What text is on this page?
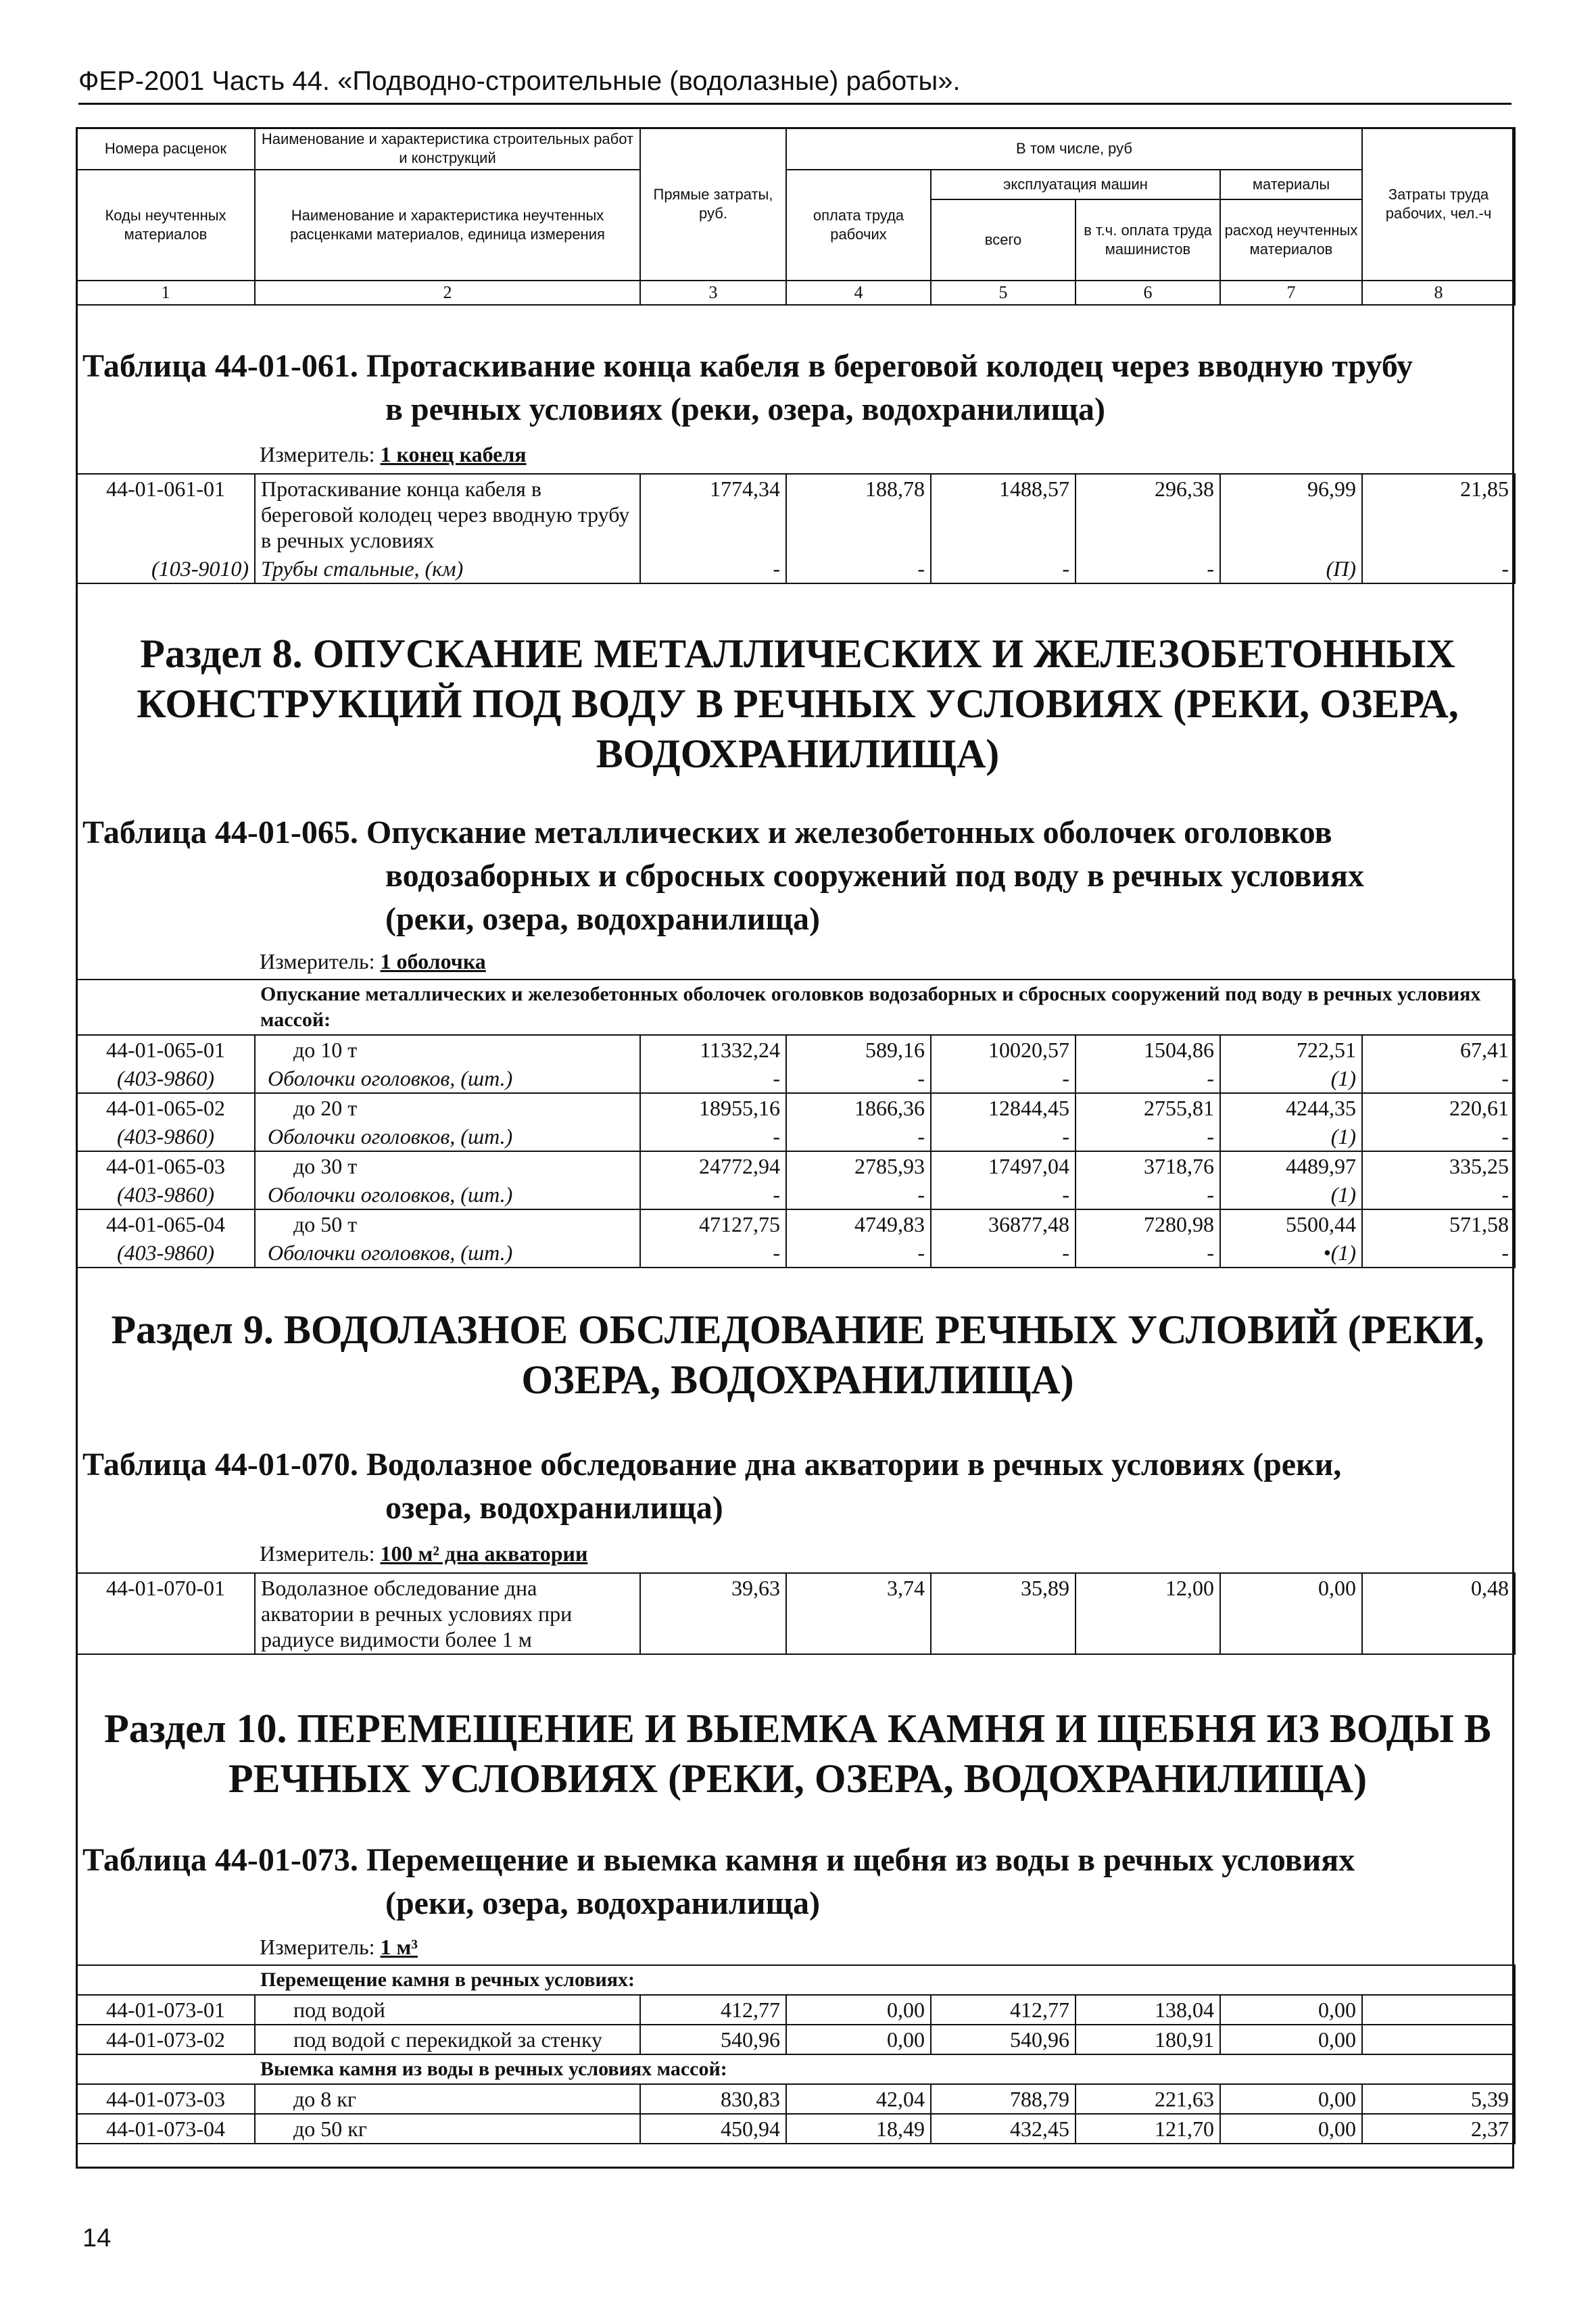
ФЕР-2001 Часть 44. «Подводно-строительные (водолазные) работы».
Номера расценок	Наименование и характеристика строительных работ и конструкций	Прямые затраты, руб.	В том числе, руб				Затраты труда рабочих, чел.-ч
Коды неучтенных материалов	Наименование и характеристика неучтенных расценками материалов, единица измерения		оплата труда рабочих	эксплуатация машин		материалы	
				всего	в т.ч. оплата труда машинистов	расход неучтенных материалов	
1	2	3	4	5	6	7	8
Таблица 44-01-061. Протаскивание конца кабеля в береговой колодец через вводную трубу
в речных условиях (реки, озера, водохранилища)
Измеритель: 1 конец кабеля
44-01-061-01	Протаскивание конца кабеля в береговой колодец через вводную трубу в речных условиях	1774,34	188,78	1488,57	296,38	96,99	21,85
(103-9010)	Трубы стальные, (км)	-	-	-	-	(П)	-
Раздел 8. ОПУСКАНИЕ МЕТАЛЛИЧЕСКИХ И ЖЕЛЕЗОБЕТОННЫХ КОНСТРУКЦИЙ ПОД ВОДУ В РЕЧНЫХ УСЛОВИЯХ (РЕКИ, ОЗЕРА, ВОДОХРАНИЛИЩА)
Таблица 44-01-065. Опускание металлических и железобетонных оболочек оголовков
водозаборных и сбросных сооружений под воду в речных условиях
(реки, озера, водохранилища)
Измеритель: 1 оболочка
	Опускание металлических и железобетонных оболочек оголовков водозаборных и сбросных сооружений под воду в речных условиях массой:						
44-01-065-01	до 10 т	11332,24	589,16	10020,57	1504,86	722,51	67,41
(403-9860)	Оболочки оголовков, (шт.)	-	-	-	-	(1)	-
44-01-065-02	до 20 т	18955,16	1866,36	12844,45	2755,81	4244,35	220,61
(403-9860)	Оболочки оголовков, (шт.)	-	-	-	-	(1)	-
44-01-065-03	до 30 т	24772,94	2785,93	17497,04	3718,76	4489,97	335,25
(403-9860)	Оболочки оголовков, (шт.)	-	-	-	-	(1)	-
44-01-065-04	до 50 т	47127,75	4749,83	36877,48	7280,98	5500,44	571,58
(403-9860)	Оболочки оголовков, (шт.)	-	-	-	-	•(1)	-
Раздел 9. ВОДОЛАЗНОЕ ОБСЛЕДОВАНИЕ РЕЧНЫХ УСЛОВИЙ (РЕКИ, ОЗЕРА, ВОДОХРАНИЛИЩА)
Таблица 44-01-070. Водолазное обследование дна акватории в речных условиях (реки,
озера, водохранилища)
Измеритель: 100 м² дна акватории
44-01-070-01	Водолазное обследование дна акватории в речных условиях при радиусе видимости более 1 м	39,63	3,74	35,89	12,00	0,00	0,48
Раздел 10. ПЕРЕМЕЩЕНИЕ И ВЫЕМКА КАМНЯ И ЩЕБНЯ ИЗ ВОДЫ В РЕЧНЫХ УСЛОВИЯХ (РЕКИ, ОЗЕРА, ВОДОХРАНИЛИЩА)
Таблица 44-01-073. Перемещение и выемка камня и щебня из воды в речных условиях
(реки, озера, водохранилища)
Измеритель: 1 м³
	Перемещение камня в речных условиях:						
44-01-073-01	под водой	412,77	0,00	412,77	138,04	0,00	
44-01-073-02	под водой с перекидкой за стенку	540,96	0,00	540,96	180,91	0,00	
	Выемка камня из воды в речных условиях массой:						
44-01-073-03	до 8 кг	830,83	42,04	788,79	221,63	0,00	5,39
44-01-073-04	до 50 кг	450,94	18,49	432,45	121,70	0,00	2,37
14
